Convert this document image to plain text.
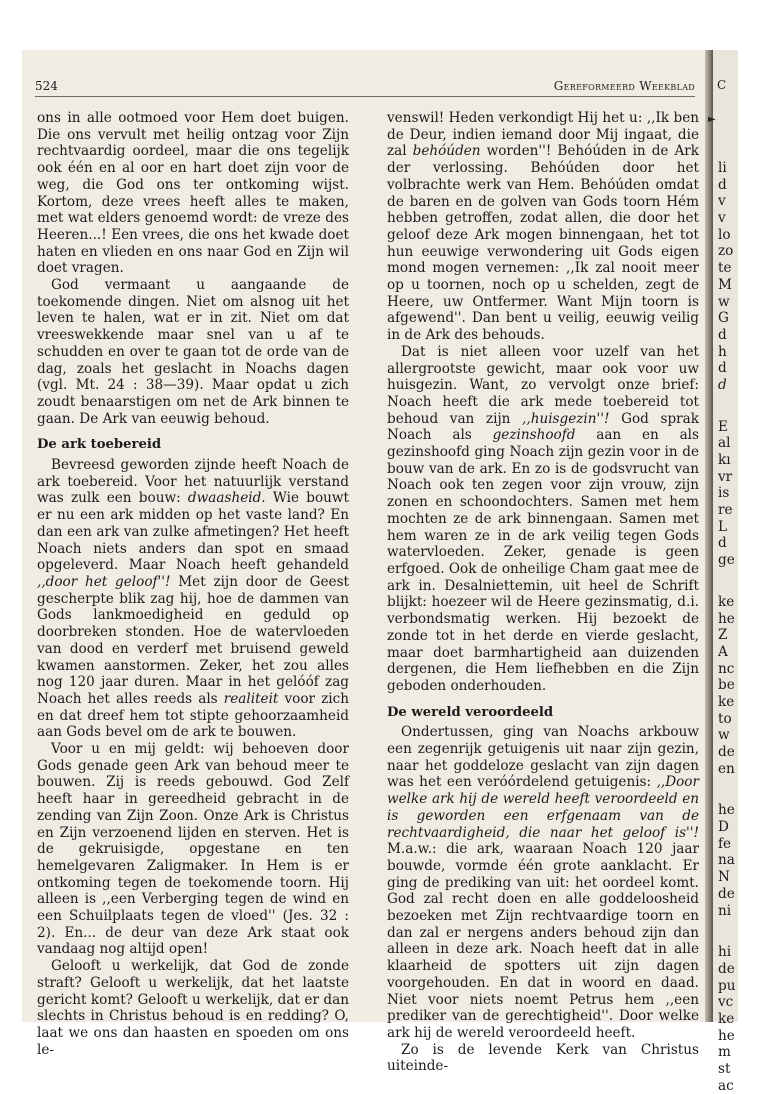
C
li
d
v
v
lo
zo
te
M
w
G
d
h
d
d
E
al
kı
vr
is
re
L
d
ge
ke
he
Z
A
nc
be
ke
to
w
de
en
he
D
fe
na
N
de
ni
hi
de
pu
vc
ke
he
m
st
ac
►
524	Gereformeerd Weekblad

ons in alle ootmoed voor Hem doet buigen. Die ons vervult met heilig ontzag voor Zijn rechtvaardig oordeel, maar die ons tegelijk ook één en al oor en hart doet zijn voor de weg, die God ons ter ontkoming wijst. Kortom, deze vrees heeft alles te maken, met wat elders genoemd wordt: de vreze des Heeren...! Een vrees, die ons het kwade doet haten en vlieden en ons naar God en Zijn wil doet vragen.

God vermaant u aangaande de toekomende dingen. Niet om alsnog uit het leven te halen, wat er in zit. Niet om dat vreeswekkende maar snel van u af te schudden en over te gaan tot de orde van de dag, zoals het geslacht in Noachs dagen (vgl. Mt. 24 : 38—39). Maar opdat u zich zoudt benaarstigen om net de Ark binnen te gaan. De Ark van eeuwig behoud.

De ark toebereid

Bevreesd geworden zijnde heeft Noach de ark toebereid. Voor het natuurlijk verstand was zulk een bouw: dwaasheid. Wie bouwt er nu een ark midden op het vaste land? En dan een ark van zulke afmetingen? Het heeft Noach niets anders dan spot en smaad opgeleverd. Maar Noach heeft gehandeld ,,door het geloof''! Met zijn door de Geest gescherpte blik zag hij, hoe de dammen van Gods lankmoedigheid en geduld op doorbreken stonden. Hoe de watervloeden van dood en verderf met bruisend geweld kwamen aanstormen. Zeker, het zou alles nog 120 jaar duren. Maar in het gelóóf zag Noach het alles reeds als realiteit voor zich en dat dreef hem tot stipte gehoorzaamheid aan Gods bevel om de ark te bouwen.

Voor u en mij geldt: wij behoeven door Gods genade geen Ark van behoud meer te bouwen. Zij is reeds gebouwd. God Zelf heeft haar in gereedheid gebracht in de zending van Zijn Zoon. Onze Ark is Christus en Zijn verzoenend lijden en sterven. Het is de gekruisigde, opgestane en ten hemelgevaren Zaligmaker. In Hem is er ontkoming tegen de toekomende toorn. Hij alleen is ,,een Verberging tegen de wind en een Schuilplaats tegen de vloed'' (Jes. 32 : 2). En... de deur van deze Ark staat ook vandaag nog altijd open!

Gelooft u werkelijk, dat God de zonde straft? Gelooft u werkelijk, dat het laatste gericht komt? Gelooft u werkelijk, dat er dan slechts in Christus behoud is en redding? O, laat we ons dan haasten en spoeden om ons le-

venswil! Heden verkondigt Hij het u: ,,Ik ben de Deur, indien iemand door Mij ingaat, die zal behóúden worden''! Behóúden in de Ark der verlossing. Behóúden door het volbrachte werk van Hem. Behóúden omdat de baren en de golven van Gods toorn Hém hebben getroffen, zodat allen, die door het geloof deze Ark mogen binnengaan, het tot hun eeuwige verwondering uit Gods eigen mond mogen vernemen: ,,Ik zal nooit meer op u toornen, noch op u schelden, zegt de Heere, uw Ontfermer. Want Mijn toorn is afgewend''. Dan bent u veilig, eeuwig veilig in de Ark des behouds.

Dat is niet alleen voor uzelf van het allergrootste gewicht, maar ook voor uw huisgezin. Want, zo vervolgt onze brief: Noach heeft die ark mede toebereid tot behoud van zijn ,,huisgezin''! God sprak Noach als gezinshoofd aan en als gezinshoofd ging Noach zijn gezin voor in de bouw van de ark. En zo is de godsvrucht van Noach ook ten zegen voor zijn vrouw, zijn zonen en schoondochters. Samen met hem mochten ze de ark binnengaan. Samen met hem waren ze in de ark veilig tegen Gods watervloeden. Zeker, genade is geen erfgoed. Ook de onheilige Cham gaat mee de ark in. Desalniettemin, uit heel de Schrift blijkt: hoezeer wil de Heere gezinsmatig, d.i. verbondsmatig werken. Hij bezoekt de zonde tot in het derde en vierde geslacht, maar doet barmhartigheid aan duizenden dergenen, die Hem liefhebben en die Zijn geboden onderhouden.

De wereld veroordeeld

Ondertussen, ging van Noachs arkbouw een zegenrijk getuigenis uit naar zijn gezin, naar het goddeloze geslacht van zijn dagen was het een veróórdelend getuigenis: ,,Door welke ark hij de wereld heeft veroordeeld en is geworden een erfgenaam van de rechtvaardigheid, die naar het geloof is''! M.a.w.: die ark, waaraan Noach 120 jaar bouwde, vormde één grote aanklacht. Er ging de prediking van uit: het oordeel komt. God zal recht doen en alle goddeloosheid bezoeken met Zijn rechtvaardige toorn en dan zal er nergens anders behoud zijn dan alleen in deze ark. Noach heeft dat in alle klaarheid de spotters uit zijn dagen voorgehouden. En dat in woord en daad. Niet voor niets noemt Petrus hem ,,een prediker van de gerechtigheid''. Door welke ark hij de wereld veroordeeld heeft.

Zo is de levende Kerk van Christus uiteinde-
